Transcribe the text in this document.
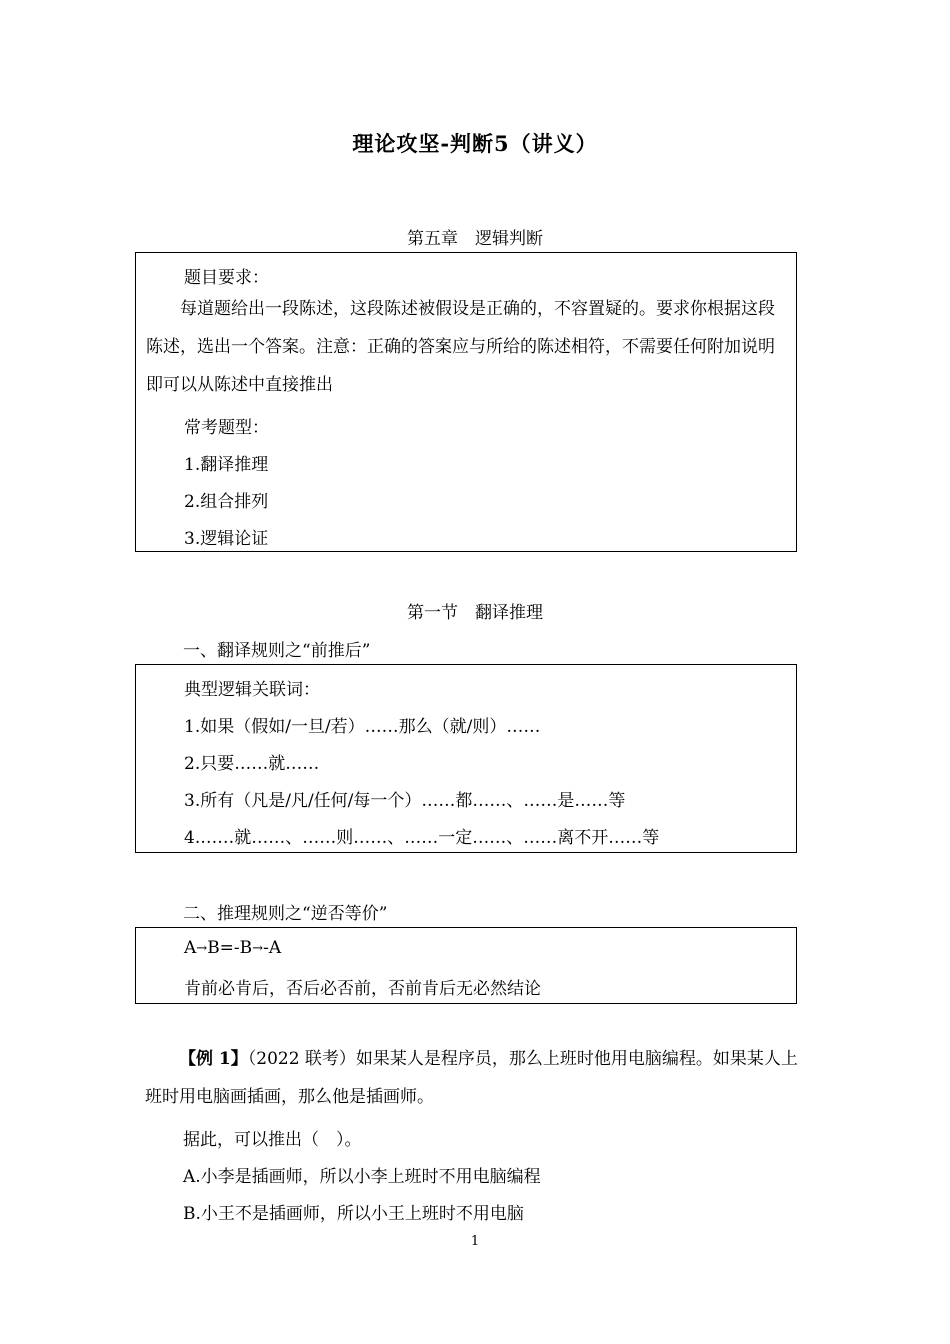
理论攻坚-判断5（讲义）
第五章　逻辑判断
题目要求：
每道题给出一段陈述，这段陈述被假设是正确的，不容置疑的。要求你根据这段陈述，选出一个答案。注意：正确的答案应与所给的陈述相符，不需要任何附加说明即可以从陈述中直接推出
常考题型：
1.翻译推理
2.组合排列
3.逻辑论证
第一节　翻译推理
一、翻译规则之“前推后”
典型逻辑关联词：
1.如果（假如/一旦/若）……那么（就/则）……
2.只要……就……
3.所有（凡是/凡/任何/每一个）……都……、……是……等
4.……就……、……则……、……一定……、……离不开……等
二、推理规则之“逆否等价”
A→B=-B→-A
肯前必肯后，否后必否前，否前肯后无必然结论
【例 1】（2022 联考）如果某人是程序员，那么上班时他用电脑编程。如果某人上班时用电脑画插画，那么他是插画师。
据此，可以推出（　）。
A.小李是插画师，所以小李上班时不用电脑编程
B.小王不是插画师，所以小王上班时不用电脑
1
